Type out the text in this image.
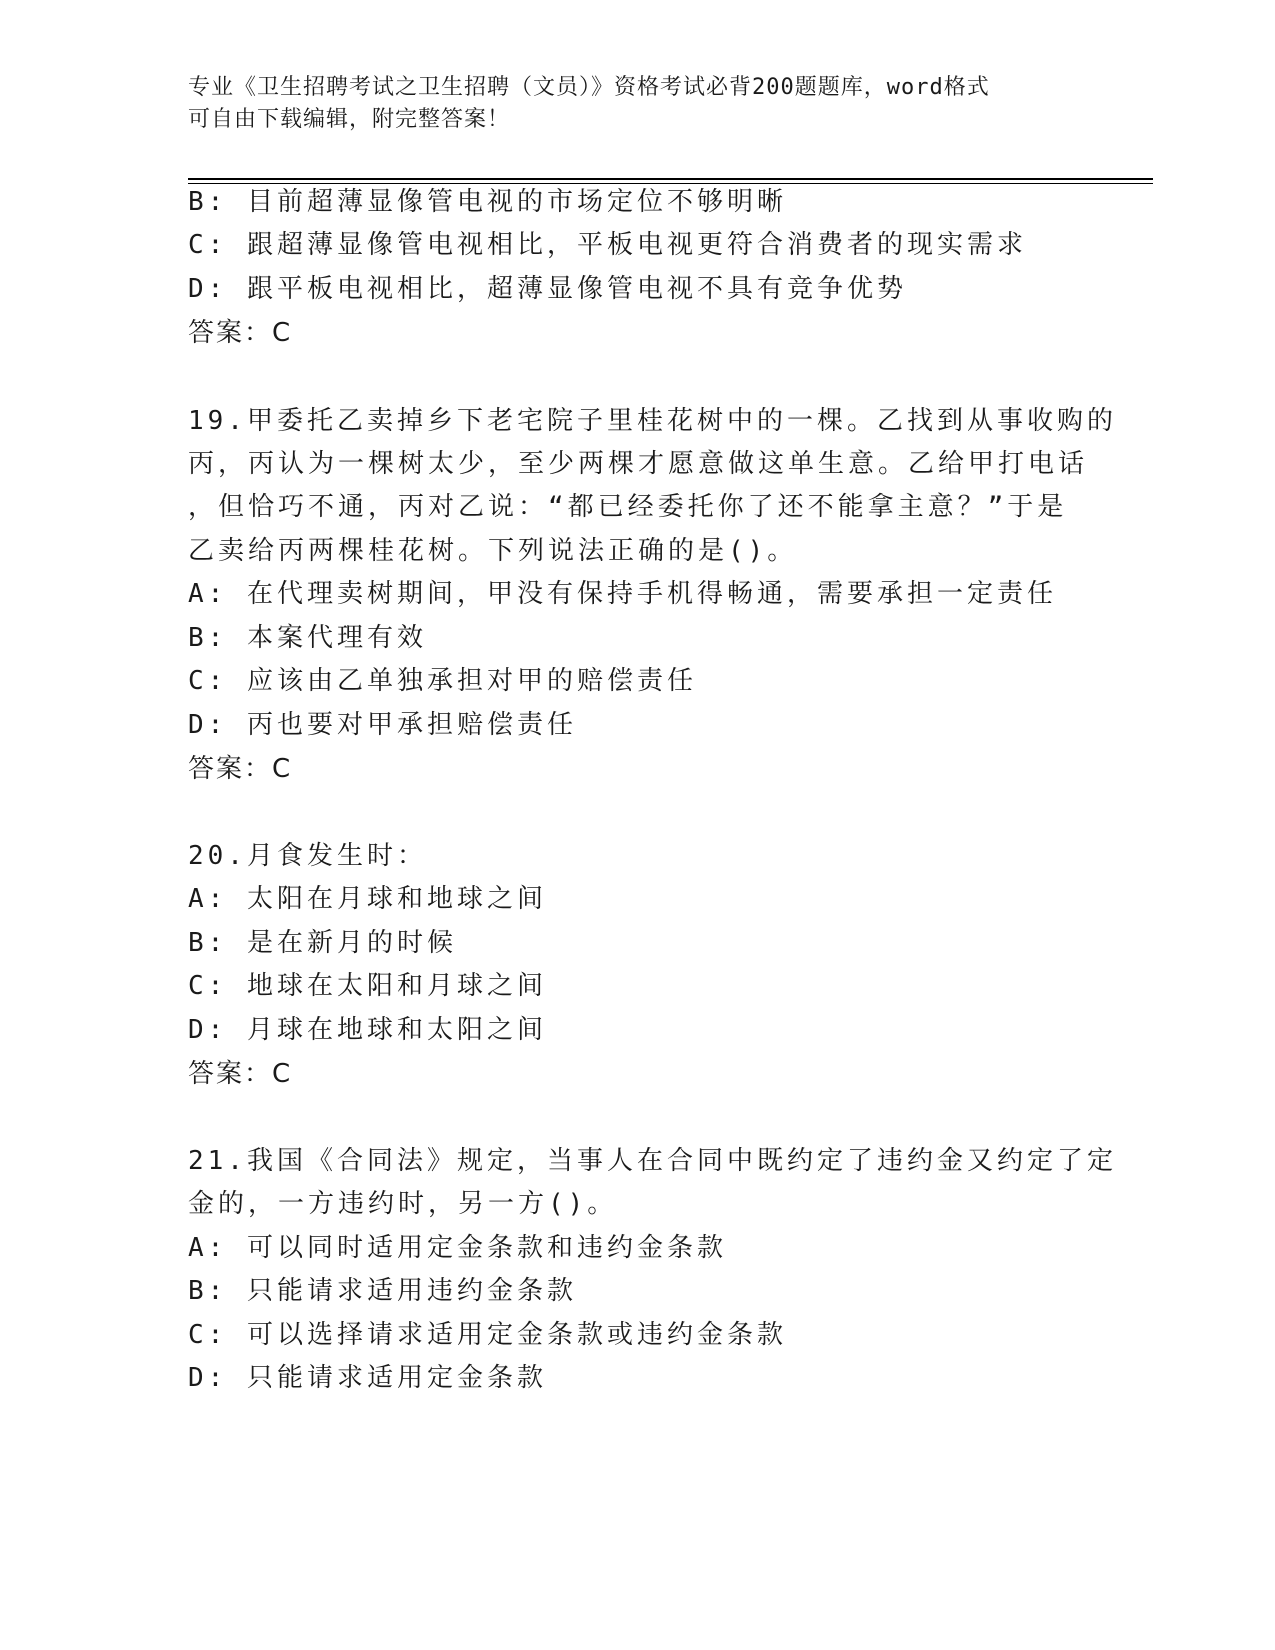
专业《卫生招聘考试之卫生招聘（文员）》资格考试必背200题题库，word格式
可自由下载编辑，附完整答案！
B: 目前超薄显像管电视的市场定位不够明晰
C: 跟超薄显像管电视相比，平板电视更符合消费者的现实需求
D: 跟平板电视相比，超薄显像管电视不具有竞争优势
答案：C
19.甲委托乙卖掉乡下老宅院子里桂花树中的一棵。乙找到从事收购的
丙，丙认为一棵树太少，至少两棵才愿意做这单生意。乙给甲打电话
，但恰巧不通，丙对乙说：“都已经委托你了还不能拿主意？”于是
乙卖给丙两棵桂花树。下列说法正确的是()。
A: 在代理卖树期间，甲没有保持手机得畅通，需要承担一定责任
B: 本案代理有效
C: 应该由乙单独承担对甲的赔偿责任
D: 丙也要对甲承担赔偿责任
答案：C
20.月食发生时：
A: 太阳在月球和地球之间
B: 是在新月的时候
C: 地球在太阳和月球之间
D: 月球在地球和太阳之间
答案：C
21.我国《合同法》规定，当事人在合同中既约定了违约金又约定了定
金的，一方违约时，另一方()。
A: 可以同时适用定金条款和违约金条款
B: 只能请求适用违约金条款
C: 可以选择请求适用定金条款或违约金条款
D: 只能请求适用定金条款
